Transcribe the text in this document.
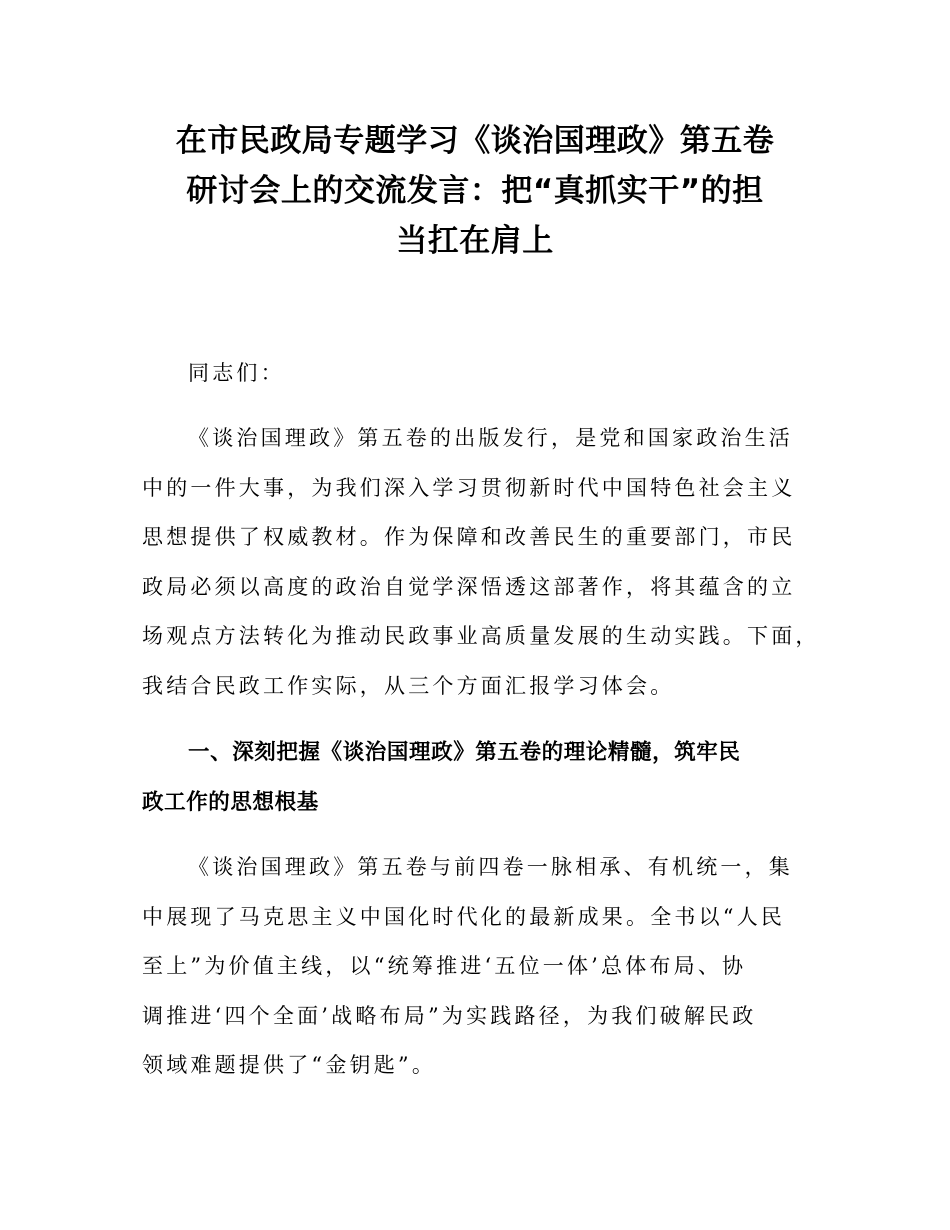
在市民政局专题学习《谈治国理政》第五卷
研讨会上的交流发言：把“真抓实干”的担
当扛在肩上

同志们：

《谈治国理政》第五卷的出版发行，是党和国家政治生活
中的一件大事，为我们深入学习贯彻新时代中国特色社会主义
思想提供了权威教材。作为保障和改善民生的重要部门，市民
政局必须以高度的政治自觉学深悟透这部著作，将其蕴含的立
场观点方法转化为推动民政事业高质量发展的生动实践。下面，
我结合民政工作实际，从三个方面汇报学习体会。

一、深刻把握《谈治国理政》第五卷的理论精髓，筑牢民
政工作的思想根基

《谈治国理政》第五卷与前四卷一脉相承、有机统一，集
中展现了马克思主义中国化时代化的最新成果。全书以“人民
至上”为价值主线，以“统筹推进‘五位一体’总体布局、协
调推进‘四个全面’战略布局”为实践路径，为我们破解民政
领域难题提供了“金钥匙”。
